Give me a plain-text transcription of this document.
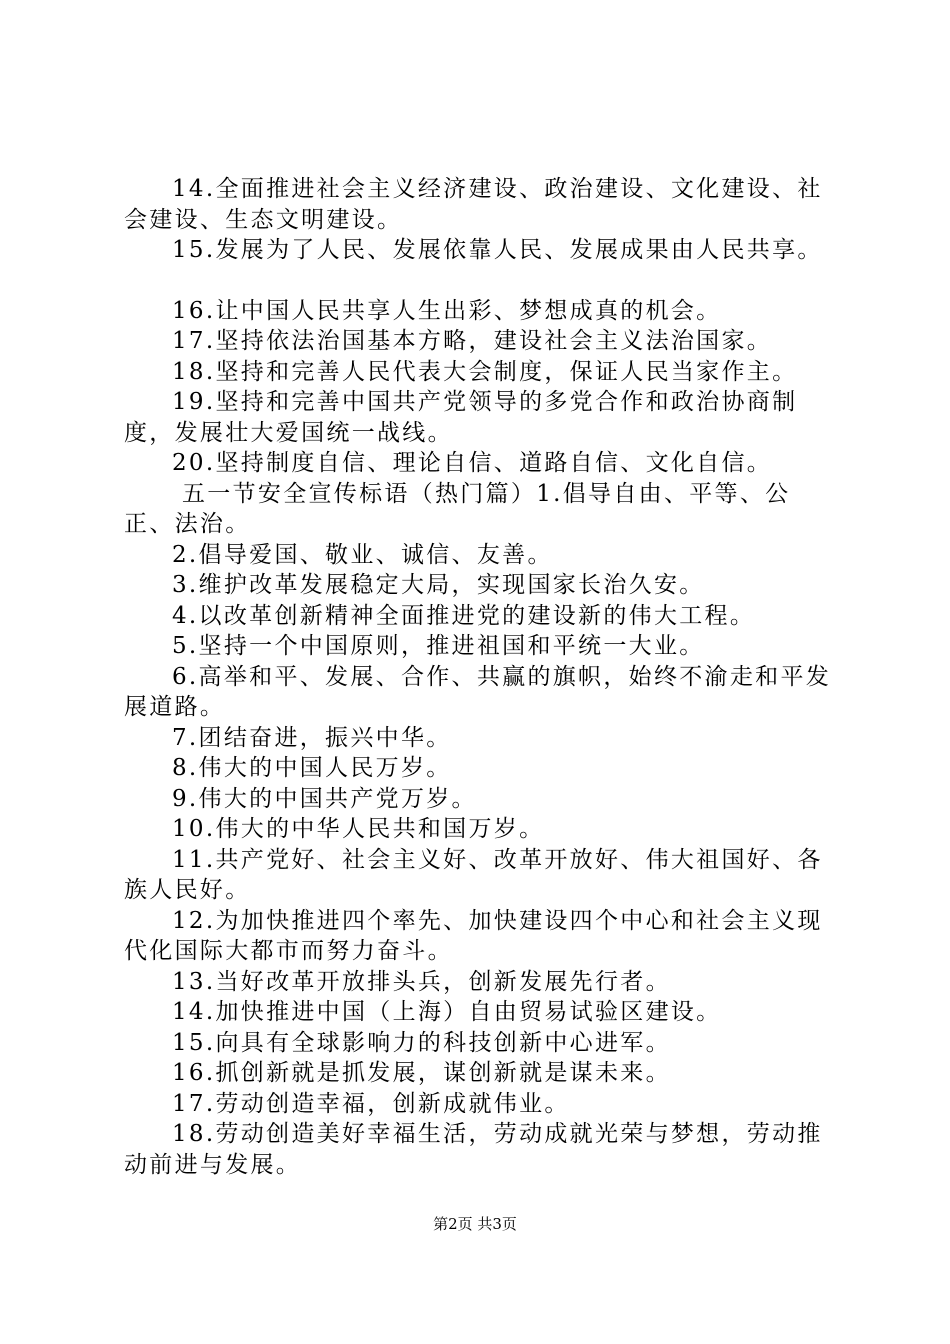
14.全面推进社会主义经济建设、政治建设、文化建设、社会建设、生态文明建设。

15.发展为了人民、发展依靠人民、发展成果由人民共享。

16.让中国人民共享人生出彩、梦想成真的机会。

17.坚持依法治国基本方略，建设社会主义法治国家。

18.坚持和完善人民代表大会制度，保证人民当家作主。

19.坚持和完善中国共产党领导的多党合作和政治协商制度，发展壮大爱国统一战线。

20.坚持制度自信、理论自信、道路自信、文化自信。

五一节安全宣传标语（热门篇）1.倡导自由、平等、公正、法治。

2.倡导爱国、敬业、诚信、友善。

3.维护改革发展稳定大局，实现国家长治久安。

4.以改革创新精神全面推进党的建设新的伟大工程。

5.坚持一个中国原则，推进祖国和平统一大业。

6.高举和平、发展、合作、共赢的旗帜，始终不渝走和平发展道路。

7.团结奋进，振兴中华。

8.伟大的中国人民万岁。

9.伟大的中国共产党万岁。

10.伟大的中华人民共和国万岁。

11.共产党好、社会主义好、改革开放好、伟大祖国好、各族人民好。

12.为加快推进四个率先、加快建设四个中心和社会主义现代化国际大都市而努力奋斗。

13.当好改革开放排头兵，创新发展先行者。

14.加快推进中国（上海）自由贸易试验区建设。

15.向具有全球影响力的科技创新中心进军。

16.抓创新就是抓发展，谋创新就是谋未来。

17.劳动创造幸福，创新成就伟业。

18.劳动创造美好幸福生活，劳动成就光荣与梦想，劳动推动前进与发展。

第2页 共3页
